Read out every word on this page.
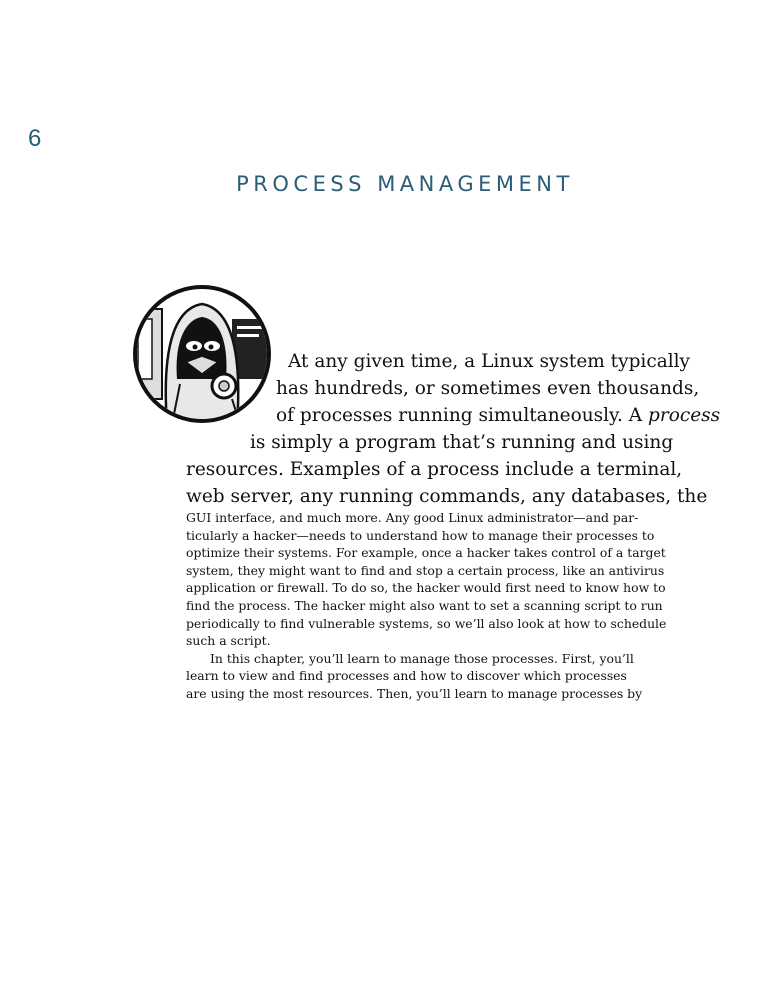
6
PROCESS MANAGEMENT
At any given time, a Linux system typically
has hundreds, or sometimes even thousands,
of processes running simultaneously. A process
is simply a program that’s running and using
resources. Examples of a process include a terminal,
web server, any running commands, any databases, the
GUI interface, and much more. Any good Linux administrator—and par-
ticularly a hacker—needs to understand how to manage their processes to
optimize their systems. For example, once a hacker takes control of a target
system, they might want to find and stop a certain process, like an antivirus
application or firewall. To do so, the hacker would first need to know how to
find the process. The hacker might also want to set a scanning script to run
periodically to find vulnerable systems, so we’ll also look at how to schedule
such a script.
In this chapter, you’ll learn to manage those processes. First, you’ll
learn to view and find processes and how to discover which processes
are using the most resources. Then, you’ll learn to manage processes by
